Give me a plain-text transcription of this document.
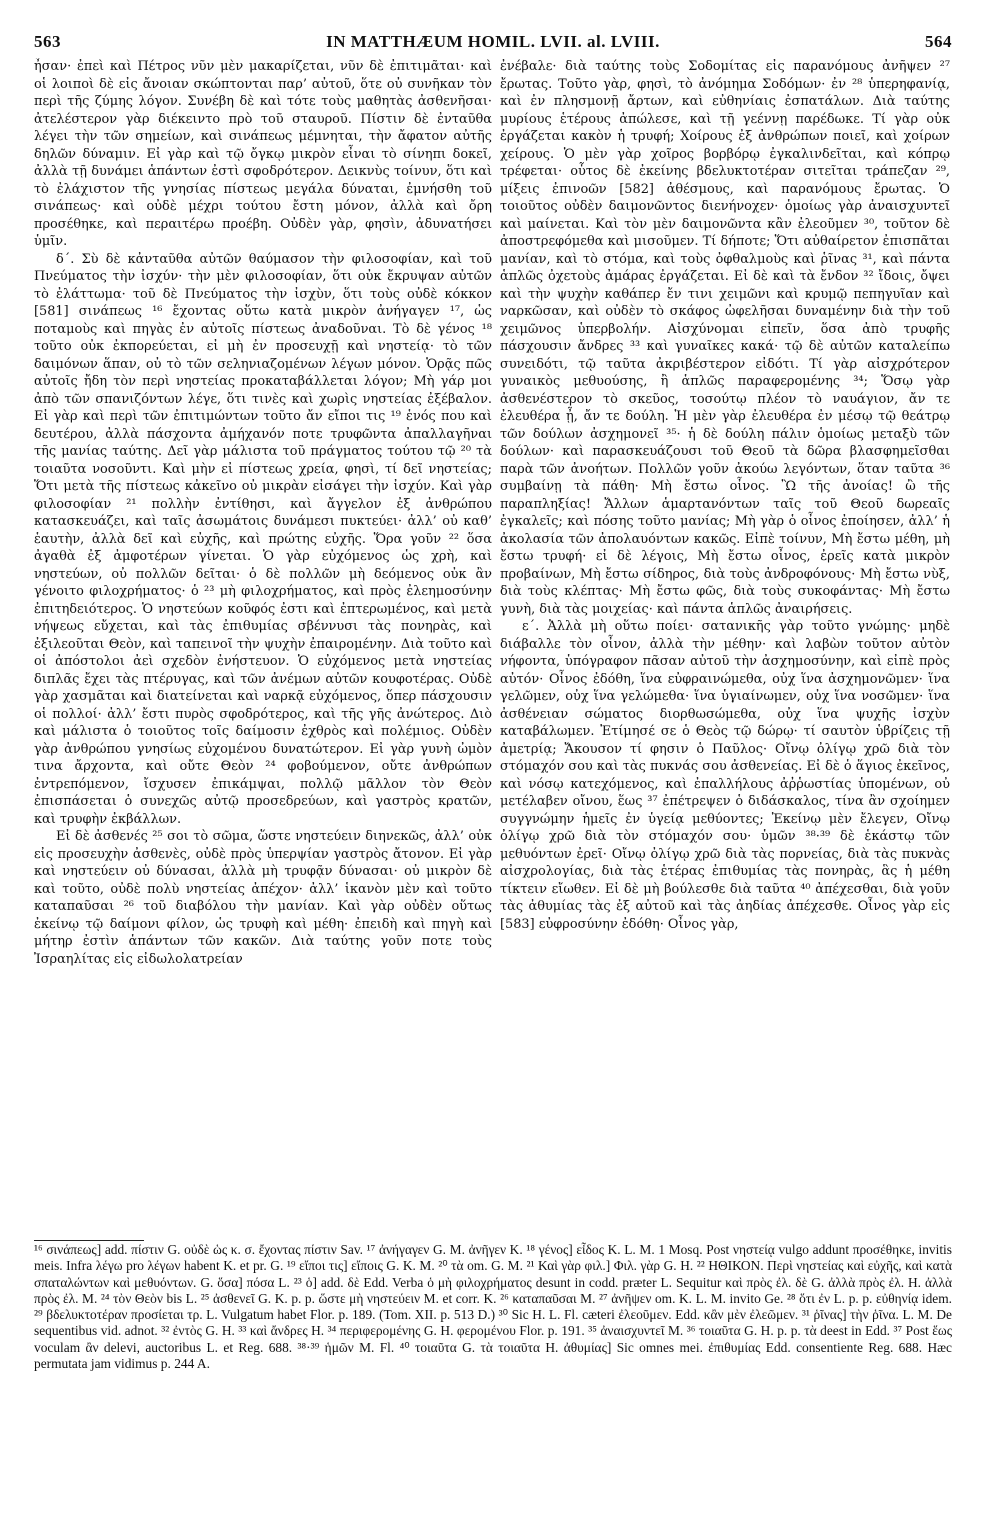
563	IN MATTHÆUM HOMIL. LVII. al. LVIII.	564

ἦσαν· ἐπεὶ καὶ Πέτρος νῦν μὲν μακαρίζεται, νῦν δὲ ἐπιτιμᾶται· καὶ οἱ λοιποὶ δὲ εἰς ἄνοιαν σκώπτονται παρ’ αὐτοῦ, ὅτε οὐ συνῆκαν τὸν περὶ τῆς ζύμης λόγον. Συνέβη δὲ καὶ τότε τοὺς μαθητὰς ἀσθενῆσαι· ἀτελέστερον γὰρ διέκειντο πρὸ τοῦ σταυροῦ. Πίστιν δὲ ἐνταῦθα λέγει τὴν τῶν σημείων, καὶ σινάπεως μέμνηται, τὴν ἄφατον αὐτῆς δηλῶν δύναμιν. Εἰ γὰρ καὶ τῷ ὄγκῳ μικρὸν εἶναι τὸ σίνηπι δοκεῖ, ἀλλὰ τῇ δυνάμει ἁπάντων ἐστὶ σφοδρότερον. Δεικνὺς τοίνυν, ὅτι καὶ τὸ ἐλάχιστον τῆς γνησίας πίστεως μεγάλα δύναται, ἐμνήσθη τοῦ σινάπεως· καὶ οὐδὲ μέχρι τούτου ἔστη μόνον, ἀλλὰ καὶ ὄρη προσέθηκε, καὶ περαιτέρω προέβη. Οὐδὲν γὰρ, φησὶν, ἀδυνατήσει ὑμῖν.

δ΄. Σὺ δὲ κἀνταῦθα αὐτῶν θαύμασον τὴν φιλοσοφίαν, καὶ τοῦ Πνεύματος τὴν ἰσχύν· τὴν μὲν φιλοσοφίαν, ὅτι οὐκ ἔκρυψαν αὐτῶν τὸ ἐλάττωμα· τοῦ δὲ Πνεύματος τὴν ἰσχὺν, ὅτι τοὺς οὐδὲ κόκκον [581] σινάπεως ¹⁶ ἔχοντας οὕτω κατὰ μικρὸν ἀνήγαγεν ¹⁷, ὡς ποταμοὺς καὶ πηγὰς ἐν αὐτοῖς πίστεως ἀναδοῦναι. Τὸ δὲ γένος ¹⁸ τοῦτο οὐκ ἐκπορεύεται, εἰ μὴ ἐν προσευχῇ καὶ νηστείᾳ· τὸ τῶν δαιμόνων ἅπαν, οὐ τὸ τῶν σεληνιαζομένων λέγων μόνον. Ὁρᾷς πῶς αὐτοῖς ἤδη τὸν περὶ νηστείας προκαταβάλλεται λόγον; Μὴ γάρ μοι ἀπὸ τῶν σπανιζόντων λέγε, ὅτι τινὲς καὶ χωρὶς νηστείας ἐξέβαλον. Εἰ γὰρ καὶ περὶ τῶν ἐπιτιμώντων τοῦτο ἄν εἴποι τις ¹⁹ ἑνός που καὶ δευτέρου, ἀλλὰ πάσχοντα ἀμήχανόν ποτε τρυφῶντα ἀπαλλαγῆναι τῆς μανίας ταύτης. Δεῖ γὰρ μάλιστα τοῦ πράγματος τούτου τῷ ²⁰ τὰ τοιαῦτα νοσοῦντι. Καὶ μὴν εἰ πίστεως χρεία, φησὶ, τί δεῖ νηστείας; Ὅτι μετὰ τῆς πίστεως κἀκεῖνο οὐ μικρὰν εἰσάγει τὴν ἰσχύν. Καὶ γὰρ φιλοσοφίαν ²¹ πολλὴν ἐντίθησι, καὶ ἄγγελον ἐξ ἀνθρώπου κατασκευάζει, καὶ ταῖς ἀσωμάτοις δυνάμεσι πυκτεύει· ἀλλ’ οὐ καθ’ ἑαυτὴν, ἀλλὰ δεῖ καὶ εὐχῆς, καὶ πρώτης εὐχῆς. Ὅρα γοῦν ²² ὅσα ἀγαθὰ ἐξ ἀμφοτέρων γίνεται. Ὁ γὰρ εὐχόμενος ὡς χρὴ, καὶ νηστεύων, οὐ πολλῶν δεῖται· ὁ δὲ πολλῶν μὴ δεόμενος οὐκ ἂν γένοιτο φιλοχρήματος· ὁ ²³ μὴ φιλοχρήματος, καὶ πρὸς ἐλεημοσύνην ἐπιτηδειότερος. Ὁ νηστεύων κοῦφός ἐστι καὶ ἐπτερωμένος, καὶ μετὰ νήψεως εὔχεται, καὶ τὰς ἐπιθυμίας σβέννυσι τὰς πονηρὰς, καὶ ἐξιλεοῦται Θεὸν, καὶ ταπεινοῖ τὴν ψυχὴν ἐπαιρομένην. Διὰ τοῦτο καὶ οἱ ἀπόστολοι ἀεὶ σχεδὸν ἐνήστευον. Ὁ εὐχόμενος μετὰ νηστείας διπλᾶς ἔχει τὰς πτέρυγας, καὶ τῶν ἀνέμων αὐτῶν κουφοτέρας. Οὐδὲ γὰρ χασμᾶται καὶ διατείνεται καὶ ναρκᾷ εὐχόμενος, ὅπερ πάσχουσιν οἱ πολλοί· ἀλλ’ ἔστι πυρὸς σφοδρότερος, καὶ τῆς γῆς ἀνώτερος. Διὸ καὶ μάλιστα ὁ τοιοῦτος τοῖς δαίμοσιν ἐχθρὸς καὶ πολέμιος. Οὐδὲν γὰρ ἀνθρώπου γνησίως εὐχομένου δυνατώτερον. Εἰ γὰρ γυνὴ ὠμὸν τινα ἄρχοντα, καὶ οὔτε Θεὸν ²⁴ φοβούμενον, οὔτε ἀνθρώπων ἐντρεπόμενον, ἴσχυσεν ἐπικάμψαι, πολλῷ μᾶλλον τὸν Θεὸν ἐπισπάσεται ὁ συνεχῶς αὐτῷ προσεδρεύων, καὶ γαστρὸς κρατῶν, καὶ τρυφὴν ἐκβάλλων.

Εἰ δὲ ἀσθενές ²⁵ σοι τὸ σῶμα, ὥστε νηστεύειν διηνεκῶς, ἀλλ’ οὐκ εἰς προσευχὴν ἀσθενὲς, οὐδὲ πρὸς ὑπερψίαν γαστρὸς ἄτονον. Εἰ γὰρ καὶ νηστεύειν οὐ δύνασαι, ἀλλὰ μὴ τρυφᾷν δύνασαι· οὐ μικρὸν δὲ καὶ τοῦτο, οὐδὲ πολὺ νηστείας ἀπέχον· ἀλλ’ ἱκανὸν μὲν καὶ τοῦτο καταπαῦσαι ²⁶ τοῦ διαβόλου τὴν μανίαν. Καὶ γὰρ οὐδὲν οὕτως ἐκείνῳ τῷ δαίμονι φίλον, ὡς τρυφὴ καὶ μέθη· ἐπειδὴ καὶ πηγὴ καὶ μήτηρ ἐστὶν ἁπάντων τῶν κακῶν. Διὰ ταύτης γοῦν ποτε τοὺς Ἰσραηλίτας εἰς εἰδωλολατρείαν

ἐνέβαλε· διὰ ταύτης τοὺς Σοδομίτας εἰς παρανόμους ἀνῆψεν ²⁷ ἔρωτας. Τοῦτο γὰρ, φησὶ, τὸ ἀνόμημα Σοδόμων· ἐν ²⁸ ὑπερηφανίᾳ, καὶ ἐν πλησμονῇ ἄρτων, καὶ εὐθηνίαις ἐσπατάλων. Διὰ ταύτης μυρίους ἑτέρους ἀπώλεσε, καὶ τῇ γεέννῃ παρέδωκε. Τί γὰρ οὐκ ἐργάζεται κακὸν ἡ τρυφή; Χοίρους ἐξ ἀνθρώπων ποιεῖ, καὶ χοίρων χείρους. Ὁ μὲν γὰρ χοῖρος βορβόρῳ ἐγκαλινδεῖται, καὶ κόπρῳ τρέφεται· οὗτος δὲ ἐκείνης βδελυκτοτέραν σιτεῖται τράπεζαν ²⁹, μίξεις ἐπινοῶν [582] ἀθέσμους, καὶ παρανόμους ἔρωτας. Ὁ τοιοῦτος οὐδὲν δαιμονῶντος διενήνοχεν· ὁμοίως γὰρ ἀναισχυντεῖ καὶ μαίνεται. Καὶ τὸν μὲν δαιμονῶντα κἂν ἐλεοῦμεν ³⁰, τοῦτον δὲ ἀποστρεφόμεθα καὶ μισοῦμεν. Τί δήποτε; Ὅτι αὐθαίρετον ἐπισπᾶται μανίαν, καὶ τὸ στόμα, καὶ τοὺς ὀφθαλμοὺς καὶ ῥῖνας ³¹, καὶ πάντα ἁπλῶς ὀχετοὺς ἀμάρας ἐργάζεται. Εἰ δὲ καὶ τὰ ἔνδον ³² ἴδοις, ὄψει καὶ τὴν ψυχὴν καθάπερ ἔν τινι χειμῶνι καὶ κρυμῷ πεπηγυῖαν καὶ ναρκῶσαν, καὶ οὐδὲν τὸ σκάφος ὠφελῆσαι δυναμένην διὰ τὴν τοῦ χειμῶνος ὑπερβολήν. Αἰσχύνομαι εἰπεῖν, ὅσα ἀπὸ τρυφῆς πάσχουσιν ἄνδρες ³³ καὶ γυναῖκες κακά· τῷ δὲ αὐτῶν καταλείπω συνειδότι, τῷ ταῦτα ἀκριβέστερον εἰδότι. Τί γὰρ αἰσχρότερον γυναικὸς μεθυούσης, ἢ ἁπλῶς παραφερομένης ³⁴; Ὅσῳ γὰρ ἀσθενέστερον τὸ σκεῦος, τοσούτῳ πλέον τὸ ναυάγιον, ἄν τε ἐλευθέρα ᾖ, ἄν τε δούλη. Ἡ μὲν γὰρ ἐλευθέρα ἐν μέσῳ τῷ θεάτρῳ τῶν δούλων ἀσχημονεῖ ³⁵· ἡ δὲ δούλη πάλιν ὁμοίως μεταξὺ τῶν δούλων· καὶ παρασκευάζουσι τοῦ Θεοῦ τὰ δῶρα βλασφημεῖσθαι παρὰ τῶν ἀνοήτων. Πολλῶν γοῦν ἀκούω λεγόντων, ὅταν ταῦτα ³⁶ συμβαίνῃ τὰ πάθη· Μὴ ἔστω οἶνος. Ὢ τῆς ἀνοίας! ὢ τῆς παραπληξίας! Ἄλλων ἁμαρτανόντων ταῖς τοῦ Θεοῦ δωρεαῖς ἐγκαλεῖς; καὶ πόσης τοῦτο μανίας; Μὴ γὰρ ὁ οἶνος ἐποίησεν, ἀλλ’ ἡ ἀκολασία τῶν ἀπολαυόντων κακῶς. Εἰπὲ τοίνυν, Μὴ ἔστω μέθη, μὴ ἔστω τρυφή· εἰ δὲ λέγοις, Μὴ ἔστω οἶνος, ἐρεῖς κατὰ μικρὸν προβαίνων, Μὴ ἔστω σίδηρος, διὰ τοὺς ἀνδροφόνους· Μὴ ἔστω νὺξ, διὰ τοὺς κλέπτας· Μὴ ἔστω φῶς, διὰ τοὺς συκοφάντας· Μὴ ἔστω γυνὴ, διὰ τὰς μοιχείας· καὶ πάντα ἁπλῶς ἀναιρήσεις.

ε΄. Ἀλλὰ μὴ οὕτω ποίει· σατανικῆς γὰρ τοῦτο γνώμης· μηδὲ διάβαλλε τὸν οἶνον, ἀλλὰ τὴν μέθην· καὶ λαβὼν τοῦτον αὐτὸν νήφοντα, ὑπόγραφον πᾶσαν αὐτοῦ τὴν ἀσχημοσύνην, καὶ εἰπὲ πρὸς αὐτόν· Οἶνος ἐδόθη, ἵνα εὐφραινώμεθα, οὐχ ἵνα ἀσχημονῶμεν· ἵνα γελῶμεν, οὐχ ἵνα γελώμεθα· ἵνα ὑγιαίνωμεν, οὐχ ἵνα νοσῶμεν· ἵνα ἀσθένειαν σώματος διορθωσώμεθα, οὐχ ἵνα ψυχῆς ἰσχὺν καταβάλωμεν. Ἐτίμησέ σε ὁ Θεὸς τῷ δώρῳ· τί σαυτὸν ὑβρίζεις τῇ ἀμετρίᾳ; Ἄκουσον τί φησιν ὁ Παῦλος· Οἴνῳ ὀλίγῳ χρῶ διὰ τὸν στόμαχόν σου καὶ τὰς πυκνάς σου ἀσθενείας. Εἰ δὲ ὁ ἅγιος ἐκεῖνος, καὶ νόσῳ κατεχόμενος, καὶ ἐπαλλήλους ἀῤῥωστίας ὑπομένων, οὐ μετέλαβεν οἴνου, ἕως ³⁷ ἐπέτρεψεν ὁ διδάσκαλος, τίνα ἂν σχοίημεν συγγνώμην ἡμεῖς ἐν ὑγείᾳ μεθύοντες; Ἐκείνῳ μὲν ἔλεγεν, Οἴνῳ ὀλίγῳ χρῶ διὰ τὸν στόμαχόν σου· ὑμῶν ³⁸·³⁹ δὲ ἑκάστῳ τῶν μεθυόντων ἐρεῖ· Οἴνῳ ὀλίγῳ χρῶ διὰ τὰς πορνείας, διὰ τὰς πυκνὰς αἰσχρολογίας, διὰ τὰς ἑτέρας ἐπιθυμίας τὰς πονηρὰς, ἃς ἡ μέθη τίκτειν εἴωθεν. Εἰ δὲ μὴ βούλεσθε διὰ ταῦτα ⁴⁰ ἀπέχεσθαι, διὰ γοῦν τὰς ἀθυμίας τὰς ἐξ αὐτοῦ καὶ τὰς ἀηδίας ἀπέχεσθε. Οἶνος γὰρ εἰς [583] εὐφροσύνην ἐδόθη· Οἶνος γὰρ,

¹⁶ σινάπεως] add. πίστιν G. οὐδὲ ὡς κ. σ. ἔχοντας πίστιν Sav. ¹⁷ ἀνήγαγεν G. M. ἀνῆγεν K. ¹⁸ γένος] εἶδος K. L. M. 1 Mosq. Post νηστείᾳ vulgo addunt προσέθηκε, invitis meis. Infra λέγω pro λέγων habent K. et pr. G. ¹⁹ εἴποι τις] εἴποις G. K. M. ²⁰ τὰ om. G. M. ²¹ Καὶ γὰρ φιλ.] Φιλ. γὰρ G. H. ²² ΗΘΙΚΟΝ. Περὶ νηστείας καὶ εὐχῆς, καὶ κατὰ σπαταλώντων καὶ μεθυόντων. G. ὅσα] πόσα L. ²³ ὁ] add. δὲ Edd. Verba ὁ μὴ φιλοχρήματος desunt in codd. præter L. Sequitur καὶ πρὸς ἐλ. δὲ G. ἀλλὰ πρὸς ἐλ. H. ἀλλὰ πρὸς ἐλ. M. ²⁴ τὸν Θεὸν bis L. ²⁵ ἀσθενεῖ G. K. p. p. ὥστε μὴ νηστεύειν M. et corr. K. ²⁶ καταπαῦσαι M. ²⁷ ἀνῆψεν om. K. L. M. invito Ge. ²⁸ ὅτι ἐν L. p. p. εὐθηνίᾳ idem. ²⁹ βδελυκτοτέραν προσίεται τρ. L. Vulgatum habet Flor. p. 189. (Tom. XII. p. 513 D.) ³⁰ Sic H. L. Fl. cæteri ἐλεοῦμεν. Edd. κἂν μὲν ἐλεῶμεν. ³¹ ῥῖνας] τὴν ῥῖνα. L. M. De sequentibus vid. adnot. ³² ἐντὸς G. H. ³³ καὶ ἄνδρες H. ³⁴ περιφερομένης G. H. φερομένου Flor. p. 191. ³⁵ ἀναισχυντεῖ M. ³⁶ τοιαῦτα G. H. p. p. τὰ deest in Edd. ³⁷ Post ἕως voculam ἂν delevi, auctoribus L. et Reg. 688. ³⁸·³⁹ ἡμῶν M. Fl. ⁴⁰ τοιαῦτα G. τὰ τοιαῦτα H. ἀθυμίας] Sic omnes mei. ἐπιθυμίας Edd. consentiente Reg. 688. Hæc permutata jam vidimus p. 244 A.
